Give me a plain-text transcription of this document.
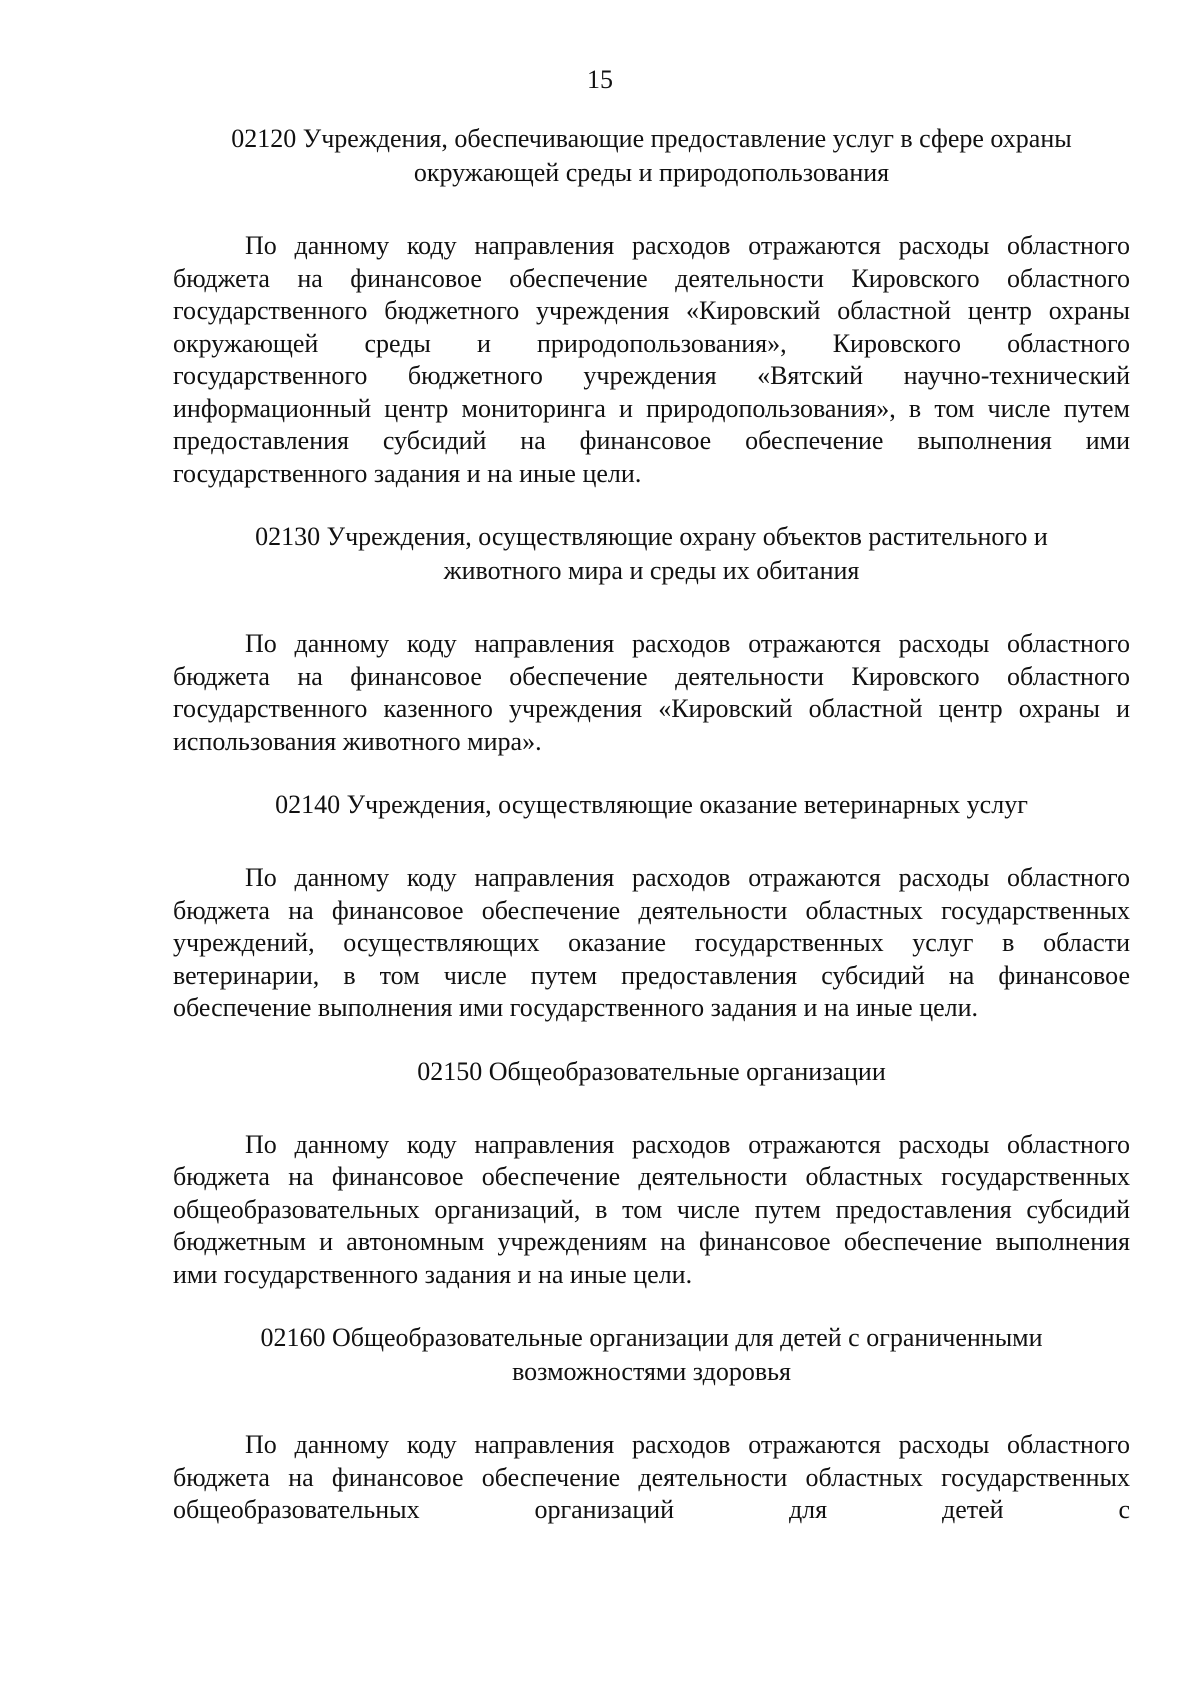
15
02120 Учреждения, обеспечивающие предоставление услуг в сфере охраны
окружающей среды и природопользования

По данному коду направления расходов отражаются расходы областного бюджета на финансовое обеспечение деятельности Кировского областного государственного бюджетного учреждения «Кировский областной центр охраны окружающей среды и природопользования», Кировского областного государственного бюджетного учреждения «Вятский научно-технический информационный центр мониторинга и природопользования», в том числе путем предоставления субсидий на финансовое обеспечение выполнения ими государственного задания и на иные цели.

02130 Учреждения, осуществляющие охрану объектов растительного и
животного мира и среды их обитания

По данному коду направления расходов отражаются расходы областного бюджета на финансовое обеспечение деятельности Кировского областного государственного казенного учреждения «Кировский областной центр охраны и использования животного мира».

02140 Учреждения, осуществляющие оказание ветеринарных услуг

По данному коду направления расходов отражаются расходы областного бюджета на финансовое обеспечение деятельности областных государственных учреждений, осуществляющих оказание государственных услуг в области ветеринарии, в том числе путем предоставления субсидий на финансовое обеспечение выполнения ими государственного задания и на иные цели.

02150 Общеобразовательные организации

По данному коду направления расходов отражаются расходы областного бюджета на финансовое обеспечение деятельности областных государственных общеобразовательных организаций, в том числе путем предоставления субсидий бюджетным и автономным учреждениям на финансовое обеспечение выполнения ими государственного задания и на иные цели.

02160 Общеобразовательные организации для детей с ограниченными
возможностями здоровья

По данному коду направления расходов отражаются расходы областного бюджета на финансовое обеспечение деятельности областных государственных общеобразовательных организаций для детей с
